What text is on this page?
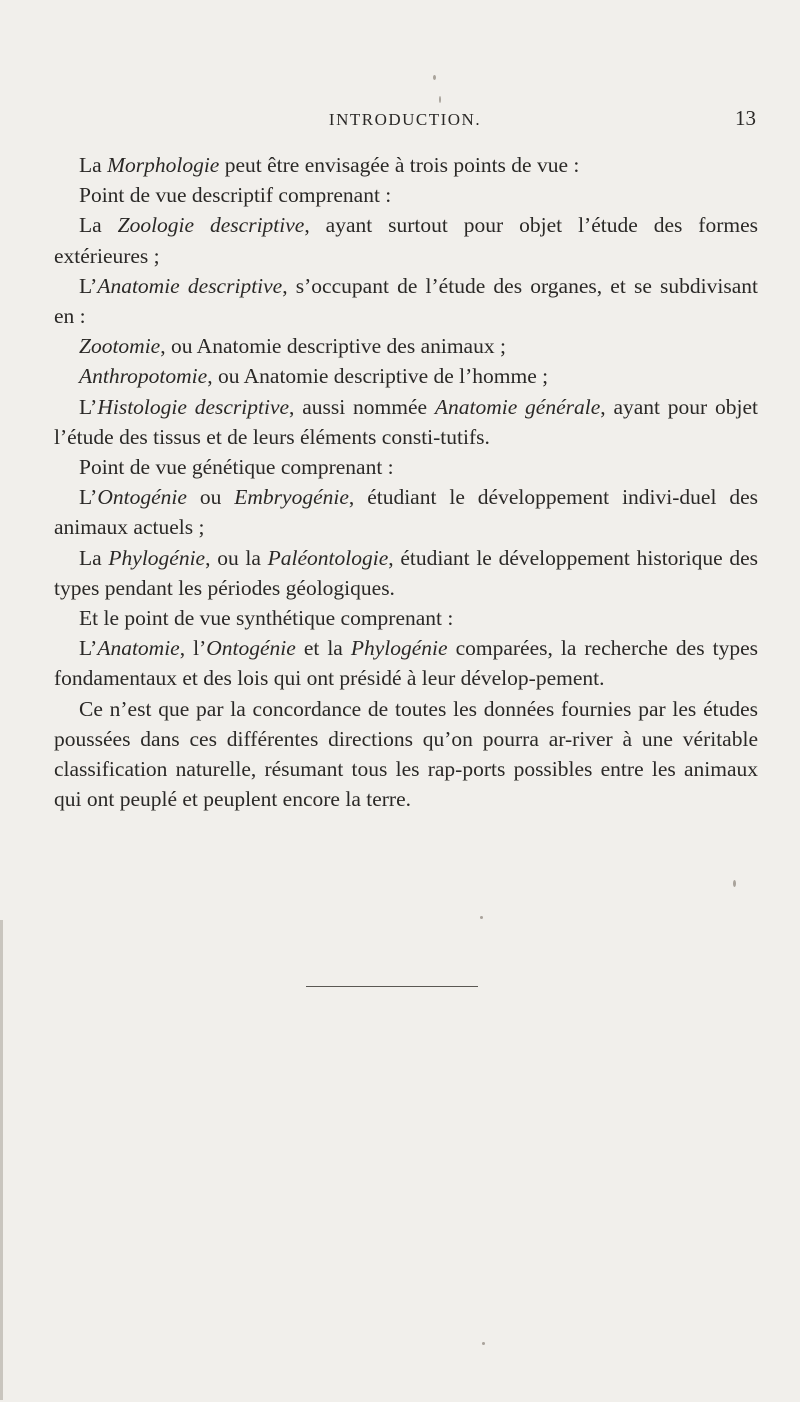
INTRODUCTION.	13

La Morphologie peut être envisagée à trois points de vue :

Point de vue descriptif comprenant :

La Zoologie descriptive, ayant surtout pour objet l’étude des formes extérieures ;

L’Anatomie descriptive, s’occupant de l’étude des organes, et se subdivisant en :

Zootomie, ou Anatomie descriptive des animaux ;

Anthropotomie, ou Anatomie descriptive de l’homme ;

L’Histologie descriptive, aussi nommée Anatomie générale, ayant pour objet l’étude des tissus et de leurs éléments consti-tutifs.

Point de vue génétique comprenant :

L’Ontogénie ou Embryogénie, étudiant le développement indivi-duel des animaux actuels ;

La Phylogénie, ou la Paléontologie, étudiant le développement historique des types pendant les périodes géologiques.

Et le point de vue synthétique comprenant :

L’Anatomie, l’Ontogénie et la Phylogénie comparées, la recherche des types fondamentaux et des lois qui ont présidé à leur dévelop-pement.

Ce n’est que par la concordance de toutes les données fournies par les études poussées dans ces différentes directions qu’on pourra ar-river à une véritable classification naturelle, résumant tous les rap-ports possibles entre les animaux qui ont peuplé et peuplent encore la terre.
